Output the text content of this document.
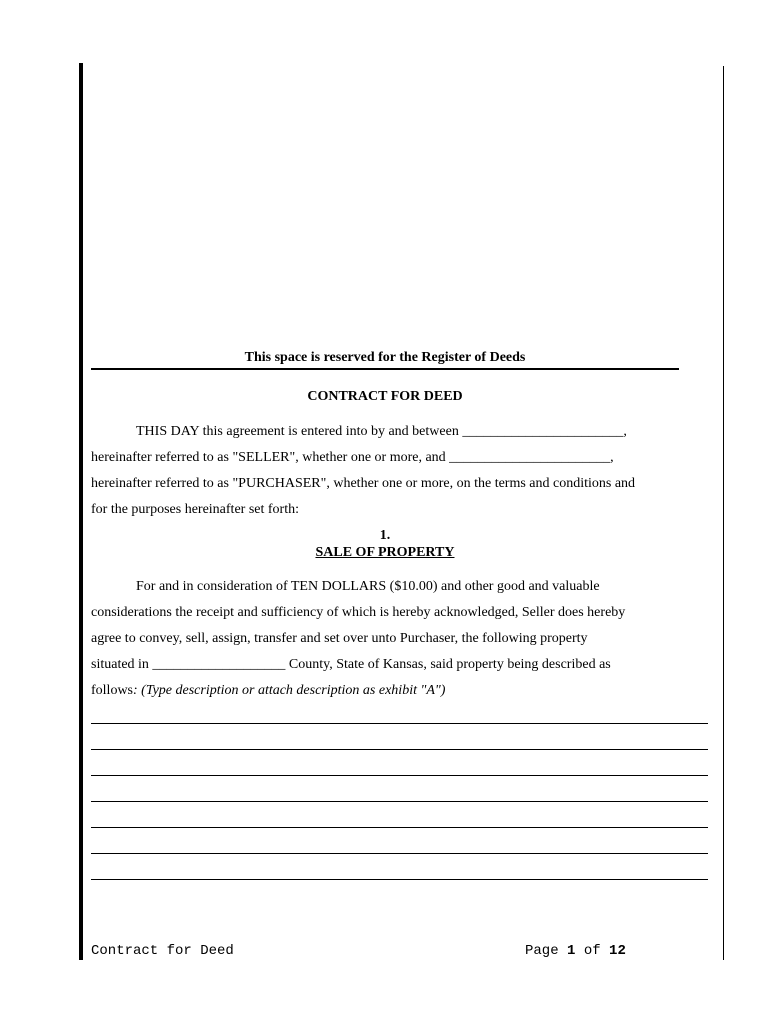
This space is reserved for the Register of Deeds
CONTRACT FOR DEED
THIS DAY this agreement is entered into by and between _______________________,
hereinafter referred to as "SELLER", whether one or more, and _______________________,
hereinafter referred to as "PURCHASER", whether one or more, on the terms and conditions and
for the purposes hereinafter set forth:
1.
SALE OF PROPERTY
For and in consideration of TEN DOLLARS ($10.00) and other good and valuable
considerations the receipt and sufficiency of which is hereby acknowledged, Seller does hereby
agree to convey, sell, assign, transfer and set over unto Purchaser, the following property
situated in ___________________ County, State of Kansas, said property being described as
follows: (Type description or attach description as exhibit "A")
Contract for Deed	Page 1 of 12
